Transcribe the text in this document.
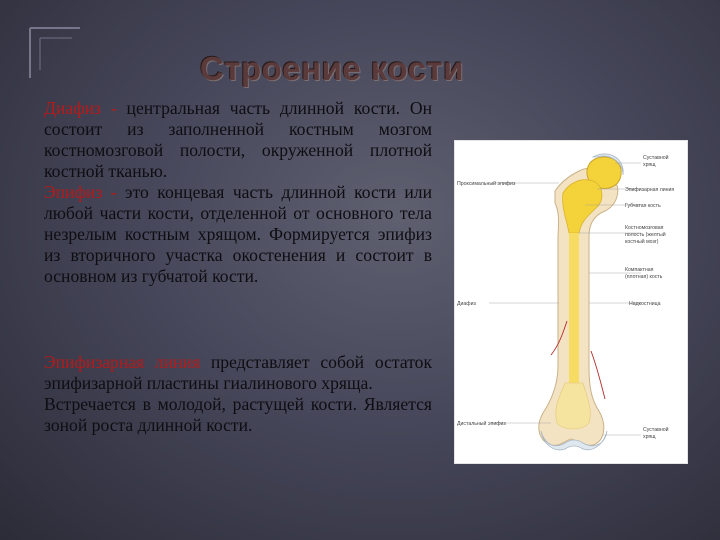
Строение кости

Диафиз - центральная часть длинной кости. Он состоит из заполненной костным мозгом костномозговой полости, окруженной плотной костной тканью.

Эпифиз - это концевая часть длинной кости или любой части кости, отделенной от основного тела незрелым костным хрящом. Формируется эпифиз из вторичного участка окостенения и состоит в основном из губчатой кости.

Эпифизарная линия представляет собой остаток эпифизарной пластины гиалинового хряща.

Встречается в молодой, растущей кости. Является зоной роста длинной кости.

Проксимальный эпифиз
Диафиз
Дистальный эпифиз
Суставной
хрящ
Эпифизарная линия
Губчатая кость
Костномозговая
полость (желтый
костный мозг)
Компактная
(плотная) кость
Надкостница
Суставной
хрящ
